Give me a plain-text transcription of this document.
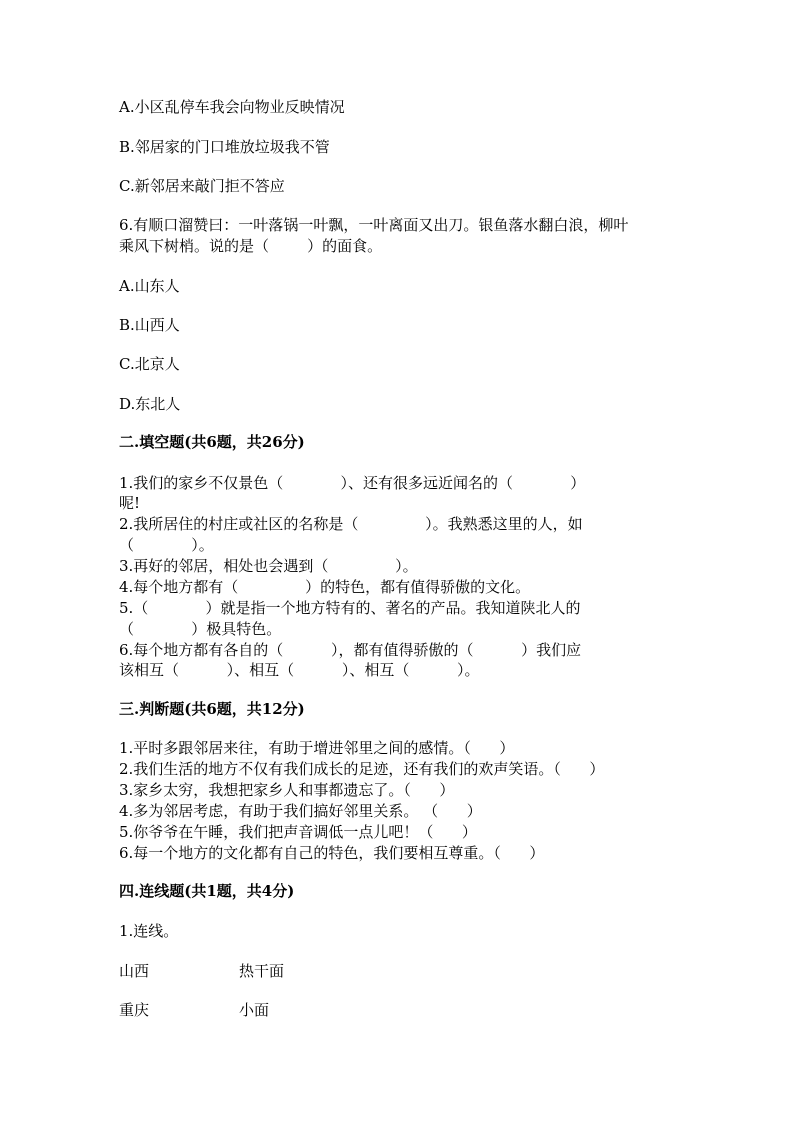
A.小区乱停车我会向物业反映情况
B.邻居家的门口堆放垃圾我不管
C.新邻居来敲门拒不答应
6.有顺口溜赞曰：一叶落锅一叶飘，一叶离面又出刀。银鱼落水翻白浪，柳叶
乘风下树梢。说的是（        ）的面食。
A.山东人
B.山西人
C.北京人
D.东北人
二.填空题(共6题，共26分)
1.我们的家乡不仅景色（            ）、还有很多远近闻名的（            ）
呢!
2.我所居住的村庄或社区的名称是（              ）。我熟悉这里的人，如
（            ）。
3.再好的邻居，相处也会遇到（              ）。
4.每个地方都有（              ）的特色，都有值得骄傲的文化。
5.（            ）就是指一个地方特有的、著名的产品。我知道陕北人的
（            ）极具特色。
6.每个地方都有各自的（          ），都有值得骄傲的（          ）我们应
该相互（          ）、相互（          ）、相互（          ）。
三.判断题(共6题，共12分)
1.平时多跟邻居来往，有助于增进邻里之间的感情。（      ）
2.我们生活的地方不仅有我们成长的足迹，还有我们的欢声笑语。（      ）
3.家乡太穷，我想把家乡人和事都遗忘了。（      ）
4.多为邻居考虑，有助于我们搞好邻里关系。 （      ）
5.你爷爷在午睡，我们把声音调低一点儿吧！（      ）
6.每一个地方的文化都有自己的特色，我们要相互尊重。（      ）
四.连线题(共1题，共4分)
1.连线。
山西	热干面
重庆	小面
